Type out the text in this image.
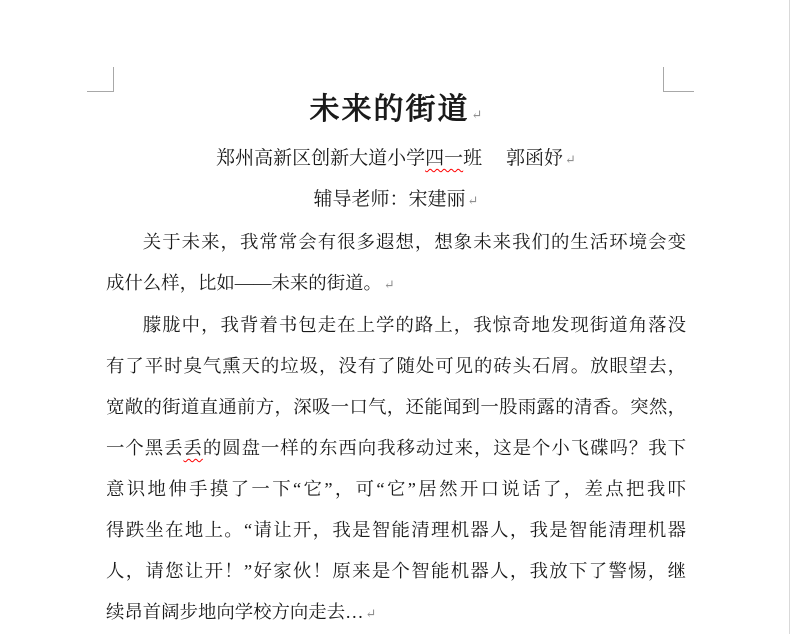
未来的街道 ↵
郑州高新区创新大道小学四一班　 郭函妤 ↵
辅导老师：宋建丽 ↵
关于未来，我常常会有很多遐想，想象未来我们的生活环境会变
成什么样，比如——未来的街道。 ↵
朦胧中，我背着书包走在上学的路上，我惊奇地发现街道角落没
有了平时臭气熏天的垃圾，没有了随处可见的砖头石屑。放眼望去，
宽敞的街道直通前方，深吸一口气，还能闻到一股雨露的清香。突然，
一个黑丢丢的圆盘一样的东西向我移动过来，这是个小飞碟吗？我下
意识地伸手摸了一下“它”，可“它”居然开口说话了，差点把我吓
得跌坐在地上。“请让开，我是智能清理机器人，我是智能清理机器
人，请您让开！”好家伙！原来是个智能机器人，我放下了警惕，继
续昂首阔步地向学校方向走去… ↵
